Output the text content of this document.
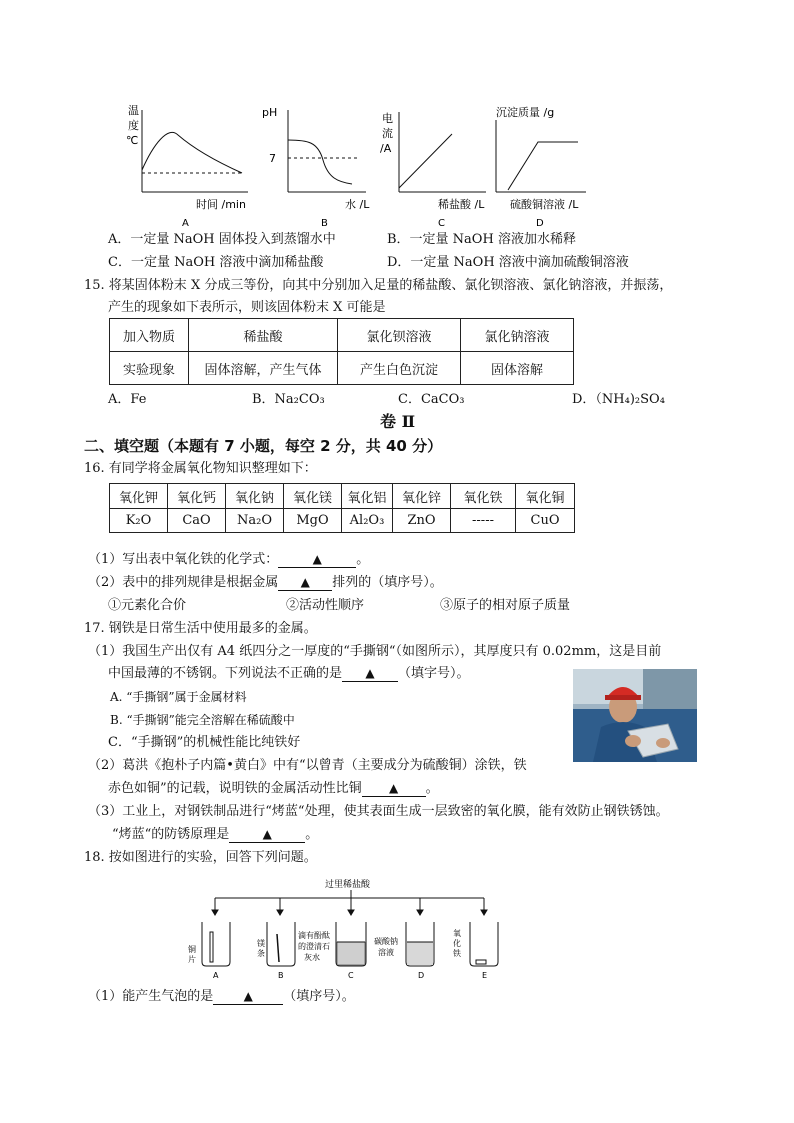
温
度
℃
时间 /min
A
pH
7
水 /L
B
电
流
/A
稀盐酸 /L
C
沉淀质量 /g
硫酸铜溶液 /L
D
A．一定量 NaOH 固体投入到蒸馏水中	B．一定量 NaOH 溶液加水稀释
C．一定量 NaOH 溶液中滴加稀盐酸	D．一定量 NaOH 溶液中滴加硫酸铜溶液
15. 将某固体粉末 X 分成三等份，向其中分别加入足量的稀盐酸、氯化钡溶液、氯化钠溶液，并振荡，
产生的现象如下表所示，则该固体粉末 X 可能是
加入物质	稀盐酸	氯化钡溶液	氯化钠溶液
实验现象	固体溶解，产生气体	产生白色沉淀	固体溶解
A．Fe	B．Na₂CO₃	C．CaCO₃	D．（NH₄)₂SO₄
卷 Ⅱ
二、填空题（本题有 7 小题，每空 2 分，共 40 分）
16. 有同学将金属氧化物知识整理如下：
氧化钾	氧化钙	氧化钠	氧化镁	氧化铝	氧化锌	氧化铁	氧化铜
K₂O	CaO	Na₂O	MgO	Al₂O₃	ZnO	-----	CuO
（1）写出表中氧化铁的化学式：	▲	。
（2）表中的排列规律是根据金属 ▲ 排列的（填序号）。
①元素化合价	②活动性顺序	③原子的相对原子质量
17. 钢铁是日常生活中使用最多的金属。
（1）我国生产出仅有 A4 纸四分之一厚度的“手撕钢“（如图所示），其厚度只有 0.02mm，这是目前
中国最薄的不锈钢。下列说法不正确的是 ▲ （填字号）。
A. “手撕钢”属于金属材料
B. “手撕钢”能完全溶解在稀硫酸中
C．“手撕钢”的机械性能比纯铁好
（2）葛洪《抱朴子内篇•黄白》中有“以曾青（主要成分为硫酸铜）涂铁，铁
赤色如铜”的记载，说明铁的金属活动性比铜 ▲ 。
（3）工业上，对钢铁制品进行“烤蓝“处理，使其表面生成一层致密的氧化膜，能有效防止钢铁锈蚀。
“烤蓝“的防锈原理是	▲	。
18. 按如图进行的实验，回答下列问题。
过里稀盐酸
铜
片
A
镁
条
B
滴有酚酞
的澄清石
灰水
C
碳酸钠
溶液
D
氧
化
铁
E
（1）能产生气泡的是	▲ （填序号）。
